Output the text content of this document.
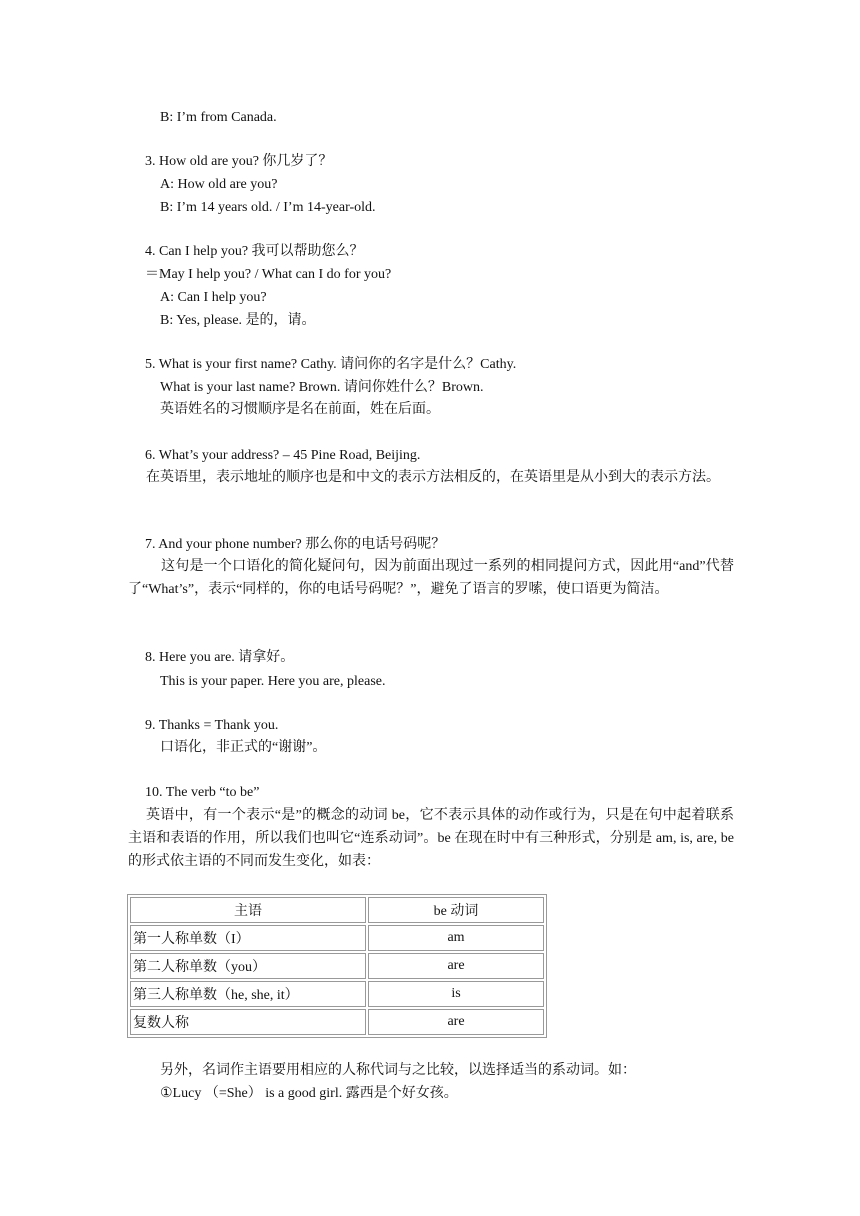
B: I’m from Canada.
3. How old are you? 你几岁了？
A: How old are you?
B: I’m 14 years old. / I’m 14-year-old.
4. Can I help you? 我可以帮助您么？
＝May I help you? / What can I do for you?
A: Can I help you?
B: Yes, please. 是的，请。
5. What is your first name? Cathy. 请问你的名字是什么？Cathy.
What is your last name? Brown. 请问你姓什么？Brown.
英语姓名的习惯顺序是名在前面，姓在后面。
6. What’s your address? – 45 Pine Road, Beijing.
在英语里，表示地址的顺序也是和中文的表示方法相反的，在英语里是从小到大的表示方法。
7. And your phone number? 那么你的电话号码呢？
这句是一个口语化的简化疑问句，因为前面出现过一系列的相同提问方式，因此用“and”代替了“What’s”，表示“同样的，你的电话号码呢？”，避免了语言的罗嗦，使口语更为简洁。
8. Here you are. 请拿好。
This is your paper. Here you are, please.
9. Thanks = Thank you.
口语化，非正式的“谢谢”。
10. The verb “to be”
英语中，有一个表示“是”的概念的动词 be，它不表示具体的动作或行为，只是在句中起着联系主语和表语的作用，所以我们也叫它“连系动词”。be 在现在时中有三种形式，分别是 am, is, are, be 的形式依主语的不同而发生变化，如表：
主语	be 动词
第一人称单数（I）	am
第二人称单数（you）	are
第三人称单数（he, she, it）	is
复数人称	are
另外，名词作主语要用相应的人称代词与之比较，以选择适当的系动词。如：
①Lucy （=She） is a good girl. 露西是个好女孩。
